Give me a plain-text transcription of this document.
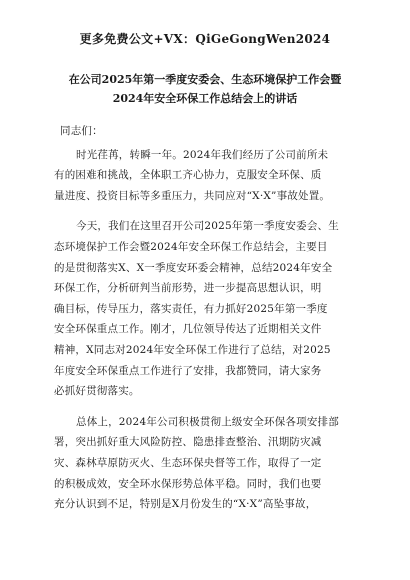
更多免费公文+VX：QiGeGongWen2024
在公司2025年第一季度安委会、生态环境保护工作会暨
2024年安全环保工作总结会上的讲话
同志们：
时光荏苒，转瞬一年。2024年我们经历了公司前所未
有的困难和挑战，全体职工齐心协力，克服安全环保、质
量进度、投资目标等多重压力，共同应对“X·X”事故处置。
今天，我们在这里召开公司2025年第一季度安委会、生
态环境保护工作会暨2024年安全环保工作总结会，主要目
的是贯彻落实X、X一季度安环委会精神，总结2024年安全
环保工作，分析研判当前形势，进一步提高思想认识，明
确目标，传导压力，落实责任，有力抓好2025年第一季度
安全环保重点工作。刚才，几位领导传达了近期相关文件
精神，X同志对2024年安全环保工作进行了总结，对2025
年度安全环保重点工作进行了安排，我都赞同，请大家务
必抓好贯彻落实。
总体上，2024年公司积极贯彻上级安全环保各项安排部
署，突出抓好重大风险防控、隐患排查整治、汛期防灾减
灾、森林草原防灭火、生态环保央督等工作，取得了一定
的积极成效，安全环水保形势总体平稳。同时，我们也要
充分认识到不足，特别是X月份发生的“X·X”高坠事故，
